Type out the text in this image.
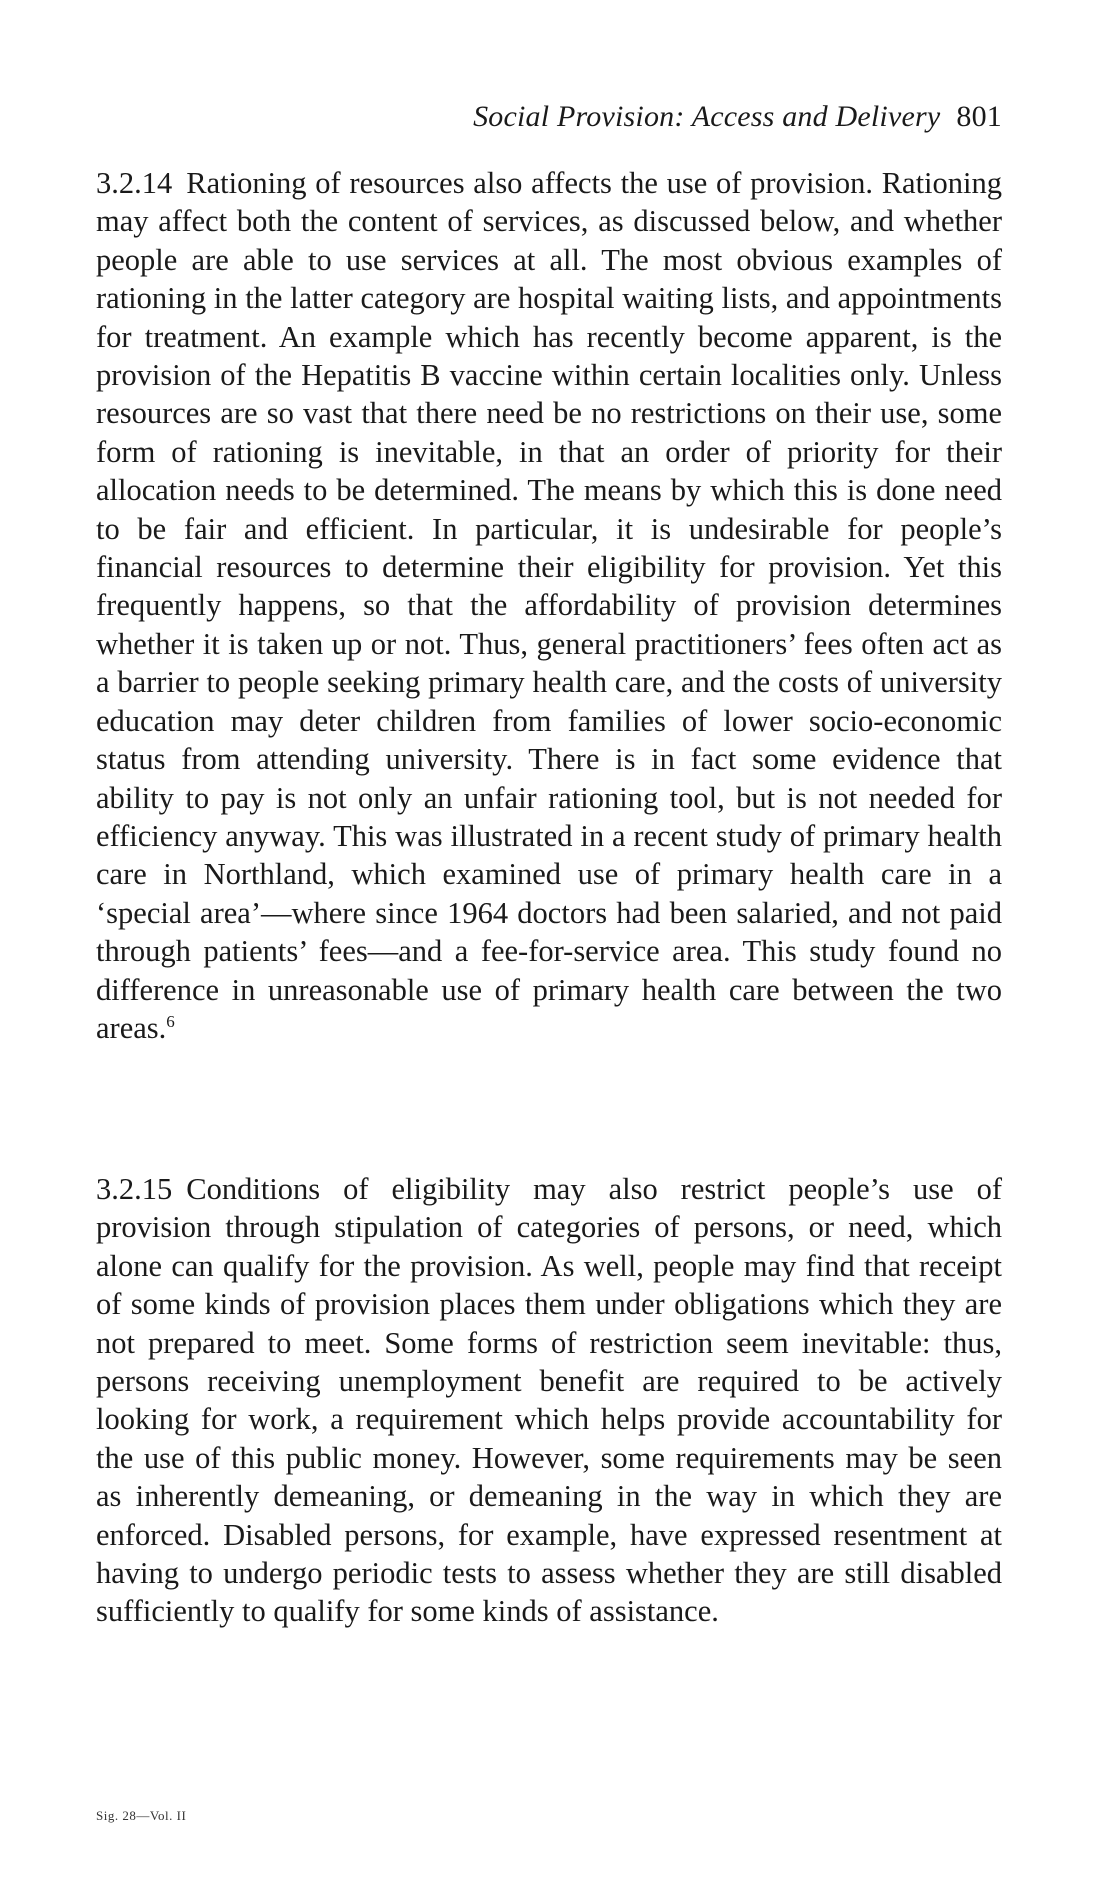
Social Provision: Access and Delivery 801
3.2.14 Rationing of resources also affects the use of provision. Rationing may affect both the content of services, as discussed below, and whether people are able to use services at all. The most obvious examples of rationing in the latter category are hospital waiting lists, and appointments for treatment. An example which has recently become apparent, is the provision of the Hepatitis B vaccine within certain localities only. Unless resources are so vast that there need be no restrictions on their use, some form of rationing is inevitable, in that an order of priority for their allocation needs to be determined. The means by which this is done need to be fair and efficient. In particular, it is undesirable for people’s financial resources to determine their eligibility for provision. Yet this frequently happens, so that the affordability of provision determines whether it is taken up or not. Thus, general practitioners’ fees often act as a barrier to people seeking primary health care, and the costs of university education may deter children from families of lower socio-economic status from attending university. There is in fact some evidence that ability to pay is not only an unfair rationing tool, but is not needed for efficiency anyway. This was illustrated in a recent study of primary health care in Northland, which examined use of primary health care in a ‘special area’—where since 1964 doctors had been salaried, and not paid through patients’ fees—and a fee-for-service area. This study found no difference in unreasonable use of primary health care between the two areas.$^6$
3.2.15 Conditions of eligibility may also restrict people’s use of provision through stipulation of categories of persons, or need, which alone can qualify for the provision. As well, people may find that receipt of some kinds of provision places them under obligations which they are not prepared to meet. Some forms of restriction seem inevitable: thus, persons receiving unemployment benefit are required to be actively looking for work, a requirement which helps provide accountability for the use of this public money. However, some requirements may be seen as inherently demeaning, or demeaning in the way in which they are enforced. Disabled persons, for example, have expressed resentment at having to undergo periodic tests to assess whether they are still disabled sufficiently to qualify for some kinds of assistance.
Sig. 28—Vol. II
